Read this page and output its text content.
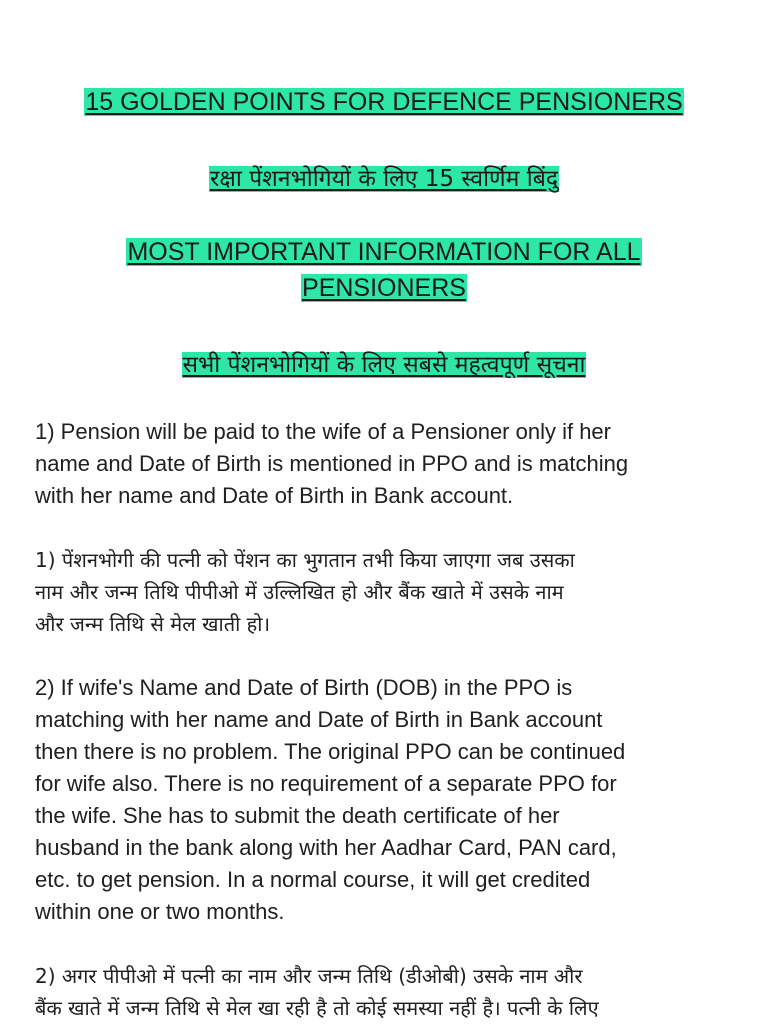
15 GOLDEN POINTS FOR DEFENCE PENSIONERS
रक्षा पेंशनभोगियों के लिए 15 स्वर्णिम बिंदु
MOST IMPORTANT INFORMATION FOR ALL
PENSIONERS
सभी पेंशनभोगियों के लिए सबसे महत्वपूर्ण सूचना
1) Pension will be paid to the wife of a Pensioner only if her
name and Date of Birth is mentioned in PPO and is matching
with her name and Date of Birth in Bank account.
1) पेंशनभोगी की पत्नी को पेंशन का भुगतान तभी किया जाएगा जब उसका
नाम और जन्म तिथि पीपीओ में उल्लिखित हो और बैंक खाते में उसके नाम
और जन्म तिथि से मेल खाती हो।
2) If wife's Name and Date of Birth (DOB) in the PPO is
matching with her name and Date of Birth in Bank account
then there is no problem. The original PPO can be continued
for wife also. There is no requirement of a separate PPO for
the wife. She has to submit the death certificate of her
husband in the bank along with her Aadhar Card, PAN card,
etc. to get pension. In a normal course, it will get credited
within one or two months.
2) अगर पीपीओ में पत्नी का नाम और जन्म तिथि (डीओबी) उसके नाम और
बैंक खाते में जन्म तिथि से मेल खा रही है तो कोई समस्या नहीं है। पत्नी के लिए
